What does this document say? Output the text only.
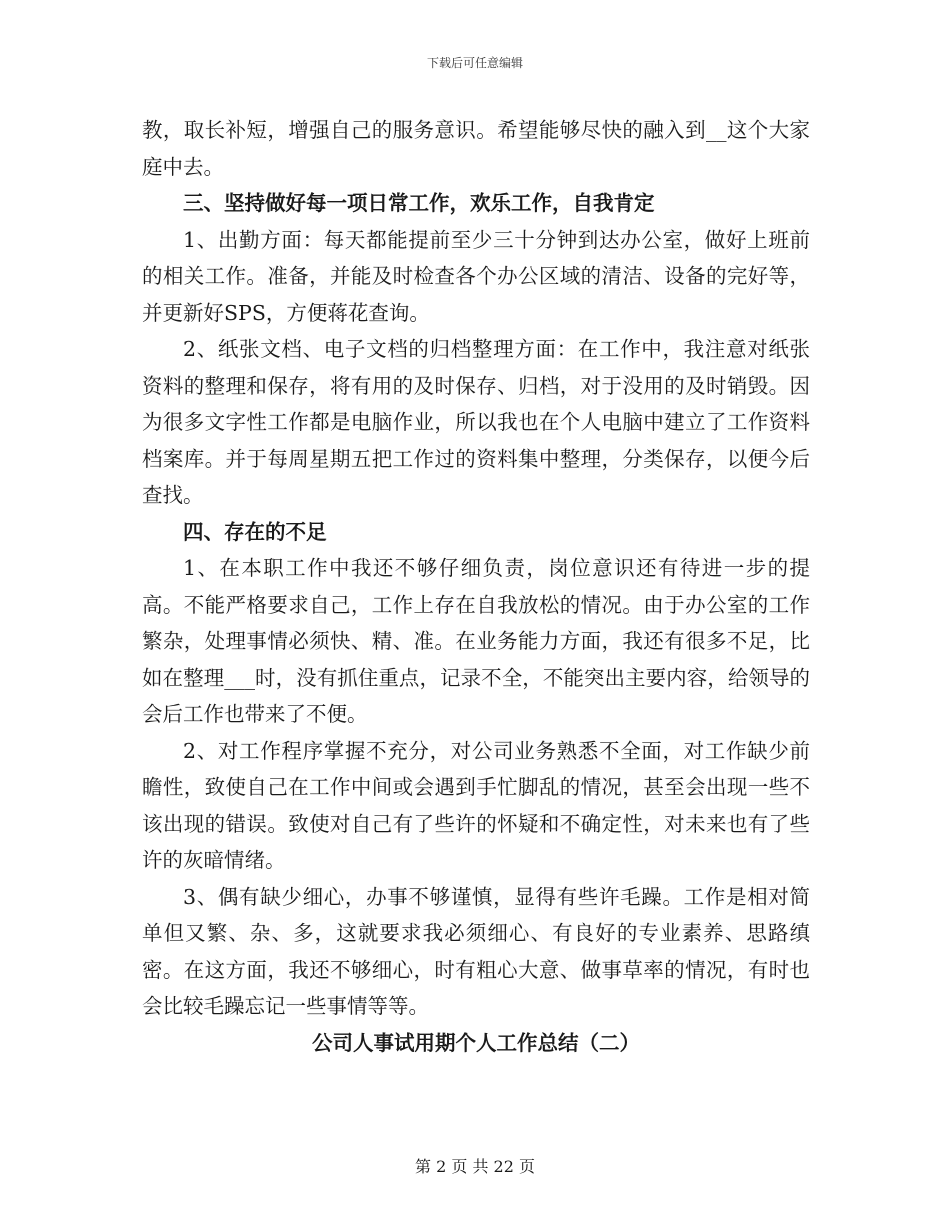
下载后可任意编辑

教，取长补短，增强自己的服务意识。希望能够尽快的融入到__这个大家庭中去。

三、坚持做好每一项日常工作，欢乐工作，自我肯定

1、出勤方面：每天都能提前至少三十分钟到达办公室，做好上班前的相关工作。准备，并能及时检查各个办公区域的清洁、设备的完好等，并更新好SPS，方便蒋花查询。

2、纸张文档、电子文档的归档整理方面：在工作中，我注意对纸张资料的整理和保存，将有用的及时保存、归档，对于没用的及时销毁。因为很多文字性工作都是电脑作业，所以我也在个人电脑中建立了工作资料档案库。并于每周星期五把工作过的资料集中整理，分类保存，以便今后查找。

四、存在的不足

1、在本职工作中我还不够仔细负责，岗位意识还有待进一步的提高。不能严格要求自己，工作上存在自我放松的情况。由于办公室的工作繁杂，处理事情必须快、精、准。在业务能力方面，我还有很多不足，比如在整理___时，没有抓住重点，记录不全，不能突出主要内容，给领导的会后工作也带来了不便。

2、对工作程序掌握不充分，对公司业务熟悉不全面，对工作缺少前瞻性，致使自己在工作中间或会遇到手忙脚乱的情况，甚至会出现一些不该出现的错误。致使对自己有了些许的怀疑和不确定性，对未来也有了些许的灰暗情绪。

3、偶有缺少细心，办事不够谨慎，显得有些许毛躁。工作是相对简单但又繁、杂、多，这就要求我必须细心、有良好的专业素养、思路缜密。在这方面，我还不够细心，时有粗心大意、做事草率的情况，有时也会比较毛躁忘记一些事情等等。

公司人事试用期个人工作总结（二）

第 2 页 共 22 页
